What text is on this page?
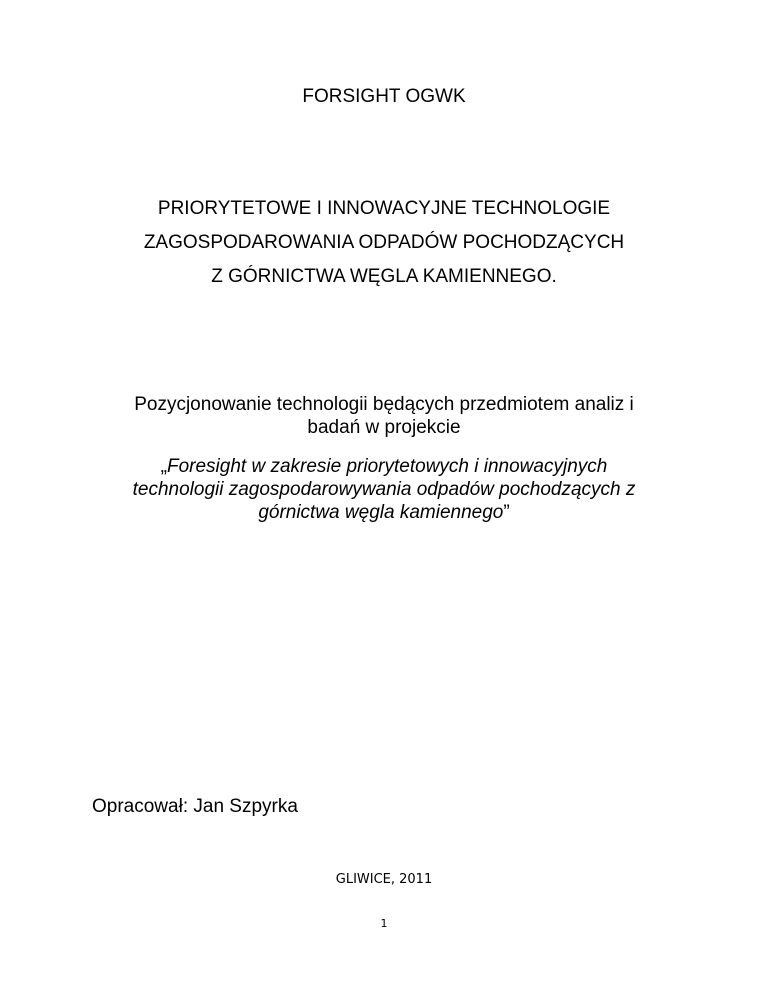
FORSIGHT OGWK
PRIORYTETOWE I INNOWACYJNE TECHNOLOGIE
ZAGOSPODAROWANIA ODPADÓW POCHODZĄCYCH
Z GÓRNICTWA WĘGLA KAMIENNEGO.
Pozycjonowanie technologii będących przedmiotem analiz i
badań w projekcie
„Foresight w zakresie priorytetowych i innowacyjnych
technologii zagospodarowywania odpadów pochodzących z
górnictwa węgla kamiennego”
Opracował: Jan Szpyrka
GLIWICE, 2011
1
